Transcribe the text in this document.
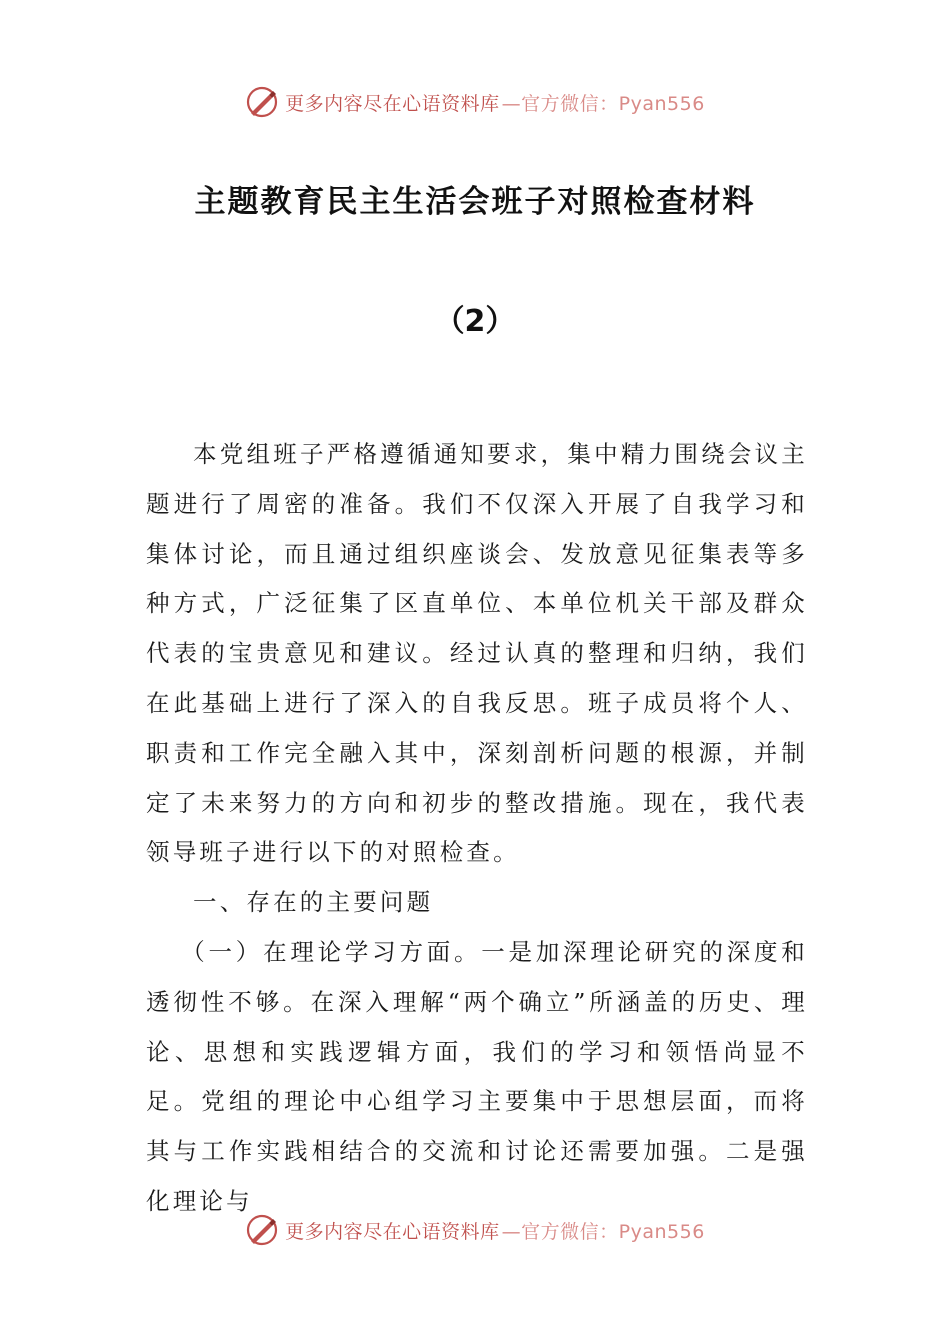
更多内容尽在心语资料库 —官方微信：Pyan556
主题教育民主生活会班子对照检查材料
（2）

本党组班子严格遵循通知要求，集中精力围绕会议主题进行了周密的准备。我们不仅深入开展了自我学习和集体讨论，而且通过组织座谈会、发放意见征集表等多种方式，广泛征集了区直单位、本单位机关干部及群众代表的宝贵意见和建议。经过认真的整理和归纳，我们在此基础上进行了深入的自我反思。班子成员将个人、职责和工作完全融入其中，深刻剖析问题的根源，并制定了未来努力的方向和初步的整改措施。现在，我代表领导班子进行以下的对照检查。

一、存在的主要问题

（一）在理论学习方面。一是加深理论研究的深度和透彻性不够。在深入理解“两个确立”所涵盖的历史、理论、思想和实践逻辑方面，我们的学习和领悟尚显不足。党组的理论中心组学习主要集中于思想层面，而将其与工作实践相结合的交流和讨论还需要加强。二是强化理论与

更多内容尽在心语资料库 —官方微信：Pyan556
